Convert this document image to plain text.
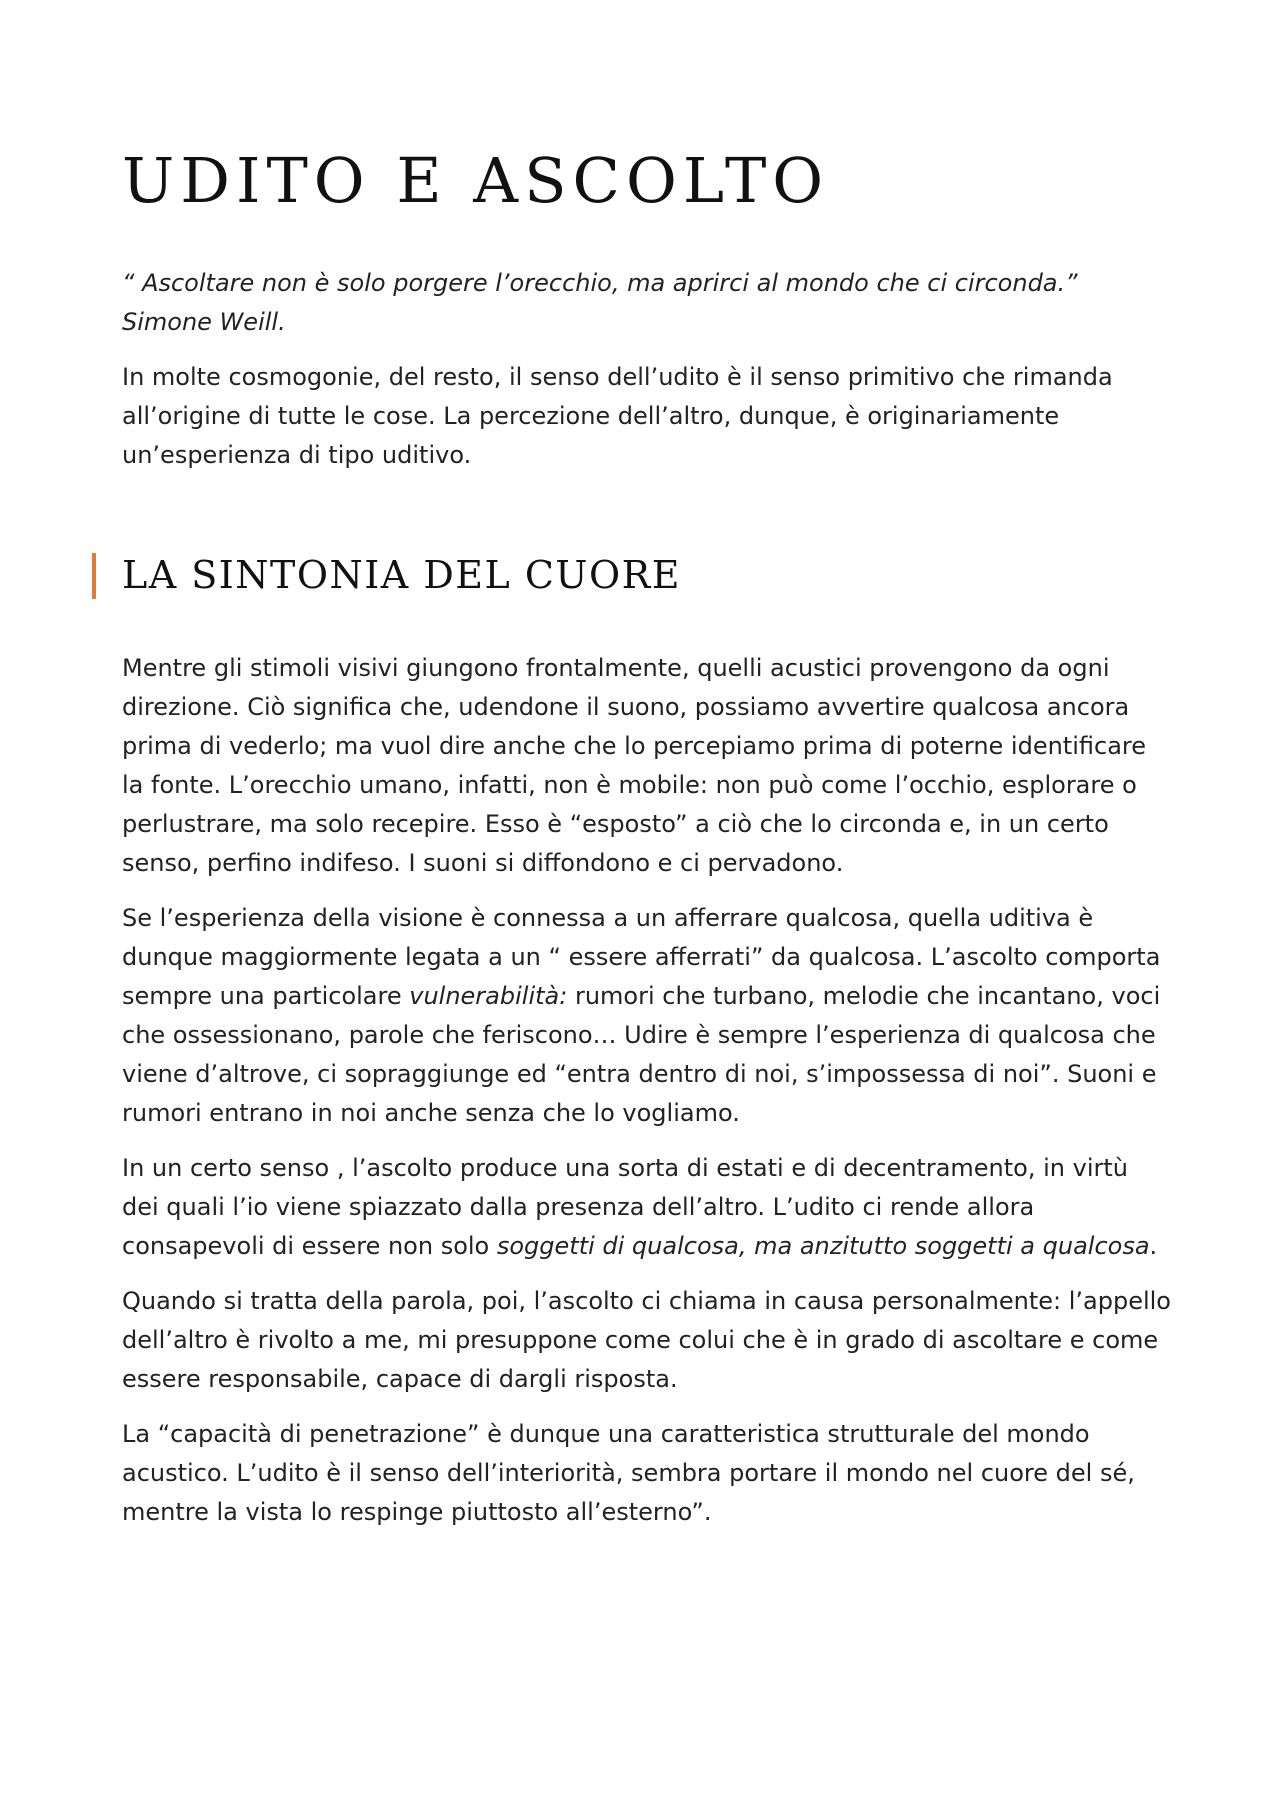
UDITO E ASCOLTO
“ Ascoltare non è solo porgere l’orecchio, ma aprirci al mondo che ci circonda.”
Simone Weill.

In molte cosmogonie, del resto, il senso dell’udito è il senso primitivo che rimanda all’origine di tutte le cose. La percezione dell’altro, dunque, è originariamente un’esperienza di tipo uditivo.

LA SINTONIA DEL CUORE

Mentre gli stimoli visivi giungono frontalmente, quelli acustici provengono da ogni direzione. Ciò significa che, udendone il suono, possiamo avvertire qualcosa ancora prima di vederlo; ma vuol dire anche che lo percepiamo prima di poterne identificare la fonte. L’orecchio umano, infatti, non è mobile: non può come l’occhio, esplorare o perlustrare, ma solo recepire. Esso è “esposto” a ciò che lo circonda e, in un certo senso, perfino indifeso. I suoni si diffondono e ci pervadono.

Se l’esperienza della visione è connessa a un afferrare qualcosa, quella uditiva è dunque maggiormente legata a un “ essere afferrati” da qualcosa. L’ascolto comporta sempre una particolare vulnerabilità: rumori che turbano, melodie che incantano, voci che ossessionano, parole che feriscono… Udire è sempre l’esperienza di qualcosa che viene d’altrove, ci sopraggiunge ed “entra dentro di noi, s’impossessa di noi”. Suoni e rumori entrano in noi anche senza che lo vogliamo.

In un certo senso , l’ascolto produce una sorta di estati e di decentramento, in virtù dei quali l’io viene spiazzato dalla presenza dell’altro. L’udito ci rende allora consapevoli di essere non solo soggetti di qualcosa, ma anzitutto soggetti a qualcosa.

Quando si tratta della parola, poi, l’ascolto ci chiama in causa personalmente: l’appello dell’altro è rivolto a me, mi presuppone come colui che è in grado di ascoltare e come essere responsabile, capace di dargli risposta.

La “capacità di penetrazione” è dunque una caratteristica strutturale del mondo acustico. L’udito è il senso dell’interiorità, sembra portare il mondo nel cuore del sé, mentre la vista lo respinge piuttosto all’esterno”.
